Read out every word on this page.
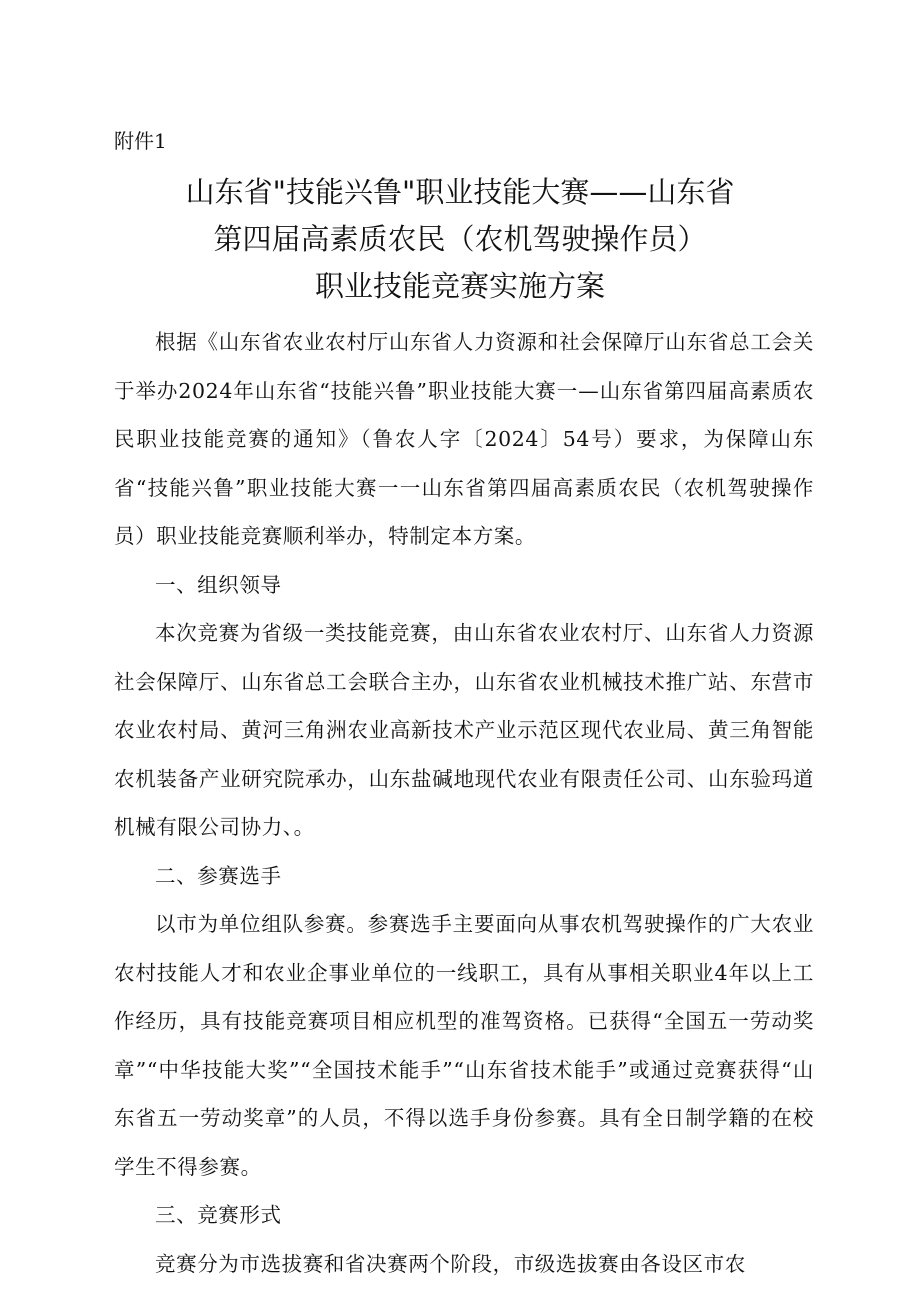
附件1
山东省"技能兴鲁"职业技能大赛——山东省
第四届高素质农民（农机驾驶操作员）
职业技能竞赛实施方案

根据《山东省农业农村厅山东省人力资源和社会保障厅山东省总工会关于举办2024年山东省“技能兴鲁”职业技能大赛一—山东省第四届高素质农民职业技能竞赛的通知》（鲁农人字〔2024〕54号）要求，为保障山东省“技能兴鲁”职业技能大赛一一山东省第四届高素质农民（农机驾驶操作员）职业技能竞赛顺利举办，特制定本方案。

一、组织领导

本次竞赛为省级一类技能竞赛，由山东省农业农村厅、山东省人力资源社会保障厅、山东省总工会联合主办，山东省农业机械技术推广站、东营市农业农村局、黄河三角洲农业高新技术产业示范区现代农业局、黄三角智能农机装备产业研究院承办，山东盐碱地现代农业有限责任公司、山东验玛道机械有限公司协力、。

二、参赛选手

以市为单位组队参赛。参赛选手主要面向从事农机驾驶操作的广大农业农村技能人才和农业企事业单位的一线职工，具有从事相关职业4年以上工作经历，具有技能竞赛项目相应机型的准驾资格。已获得“全国五一劳动奖章”“中华技能大奖”“全国技术能手”“山东省技术能手”或通过竞赛获得“山东省五一劳动奖章”的人员，不得以选手身份参赛。具有全日制学籍的在校学生不得参赛。

三、竞赛形式

竞赛分为市选拔赛和省决赛两个阶段，市级选拔赛由各设区市农
